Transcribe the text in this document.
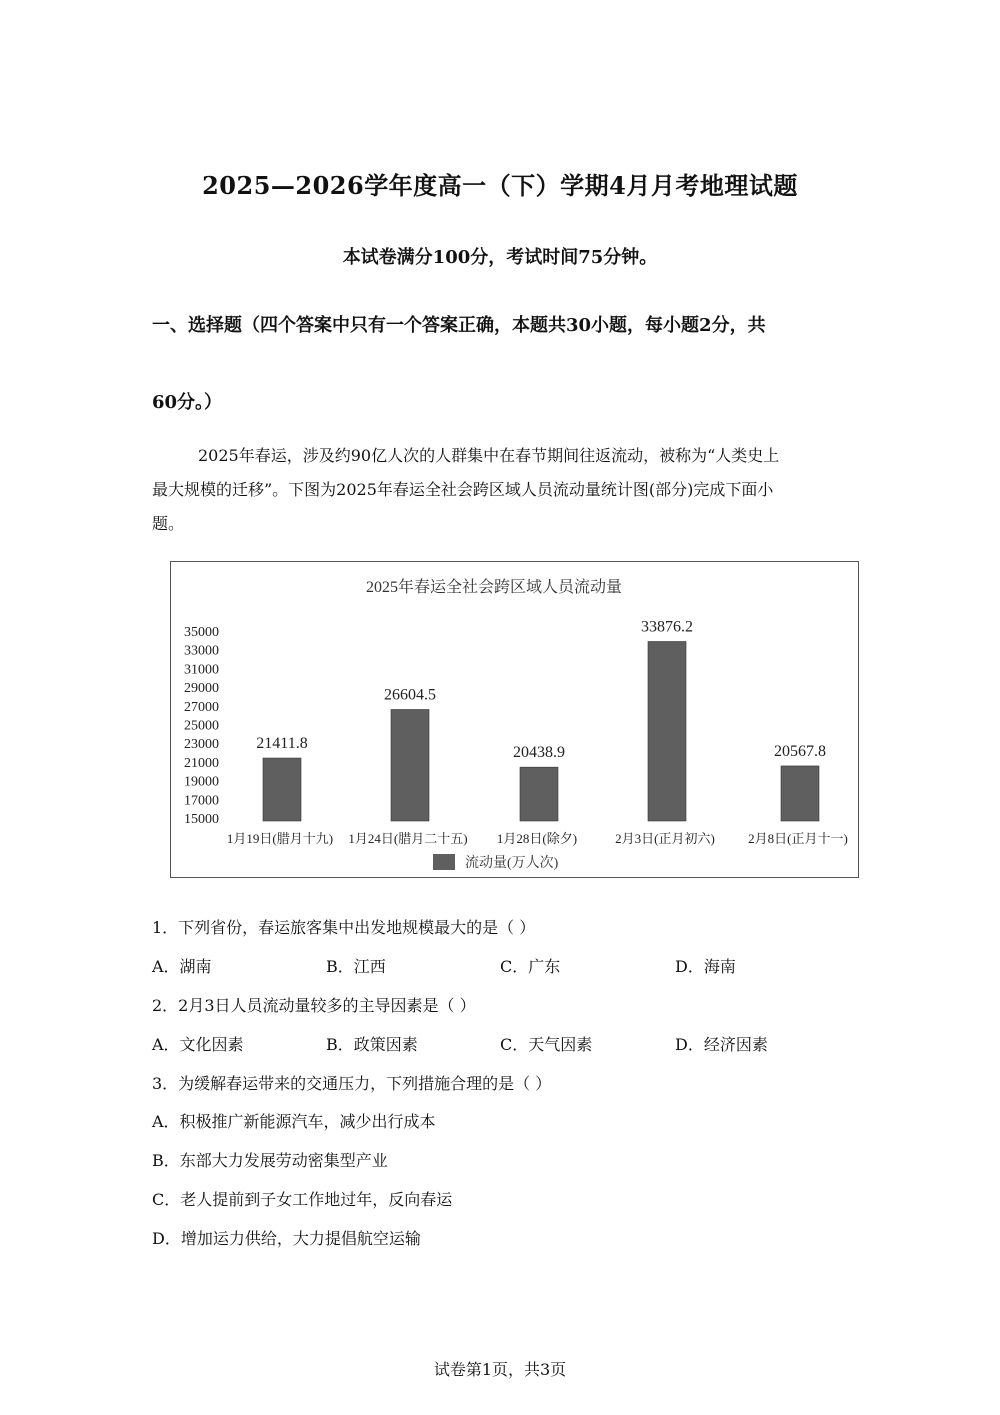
2025—2026学年度高一（下）学期4月月考地理试题
本试卷满分100分，考试时间75分钟。
一、选择题（四个答案中只有一个答案正确，本题共30小题，每小题2分，共
60分。）

2025年春运，涉及约90亿人次的人群集中在春节期间往返流动，被称为“人类史上

最大规模的迁移”。下图为2025年春运全社会跨区域人员流动量统计图(部分)完成下面小

题。

2025年春运全社会跨区域人员流动量
15000
17000
19000
21000
23000
25000
27000
29000
31000
33000
35000
21411.8
26604.5
20438.9
33876.2
20567.8
1月19日(腊月十九) 1月24日(腊月二十五) 1月28日(除夕)	2月3日(正月初六)	2月8日(正月十一)
流动量(万人次)
1．下列省份，春运旅客集中出发地规模最大的是（ ）
A．湖南	B．江西	C．广东	D．海南
2．2月3日人员流动量较多的主导因素是（ ）
A．文化因素	B．政策因素	C．天气因素	D．经济因素
3．为缓解春运带来的交通压力，下列措施合理的是（ ）
A．积极推广新能源汽车，减少出行成本
B．东部大力发展劳动密集型产业
C．老人提前到子女工作地过年，反向春运
D．增加运力供给，大力提倡航空运输
试卷第1页，共3页
